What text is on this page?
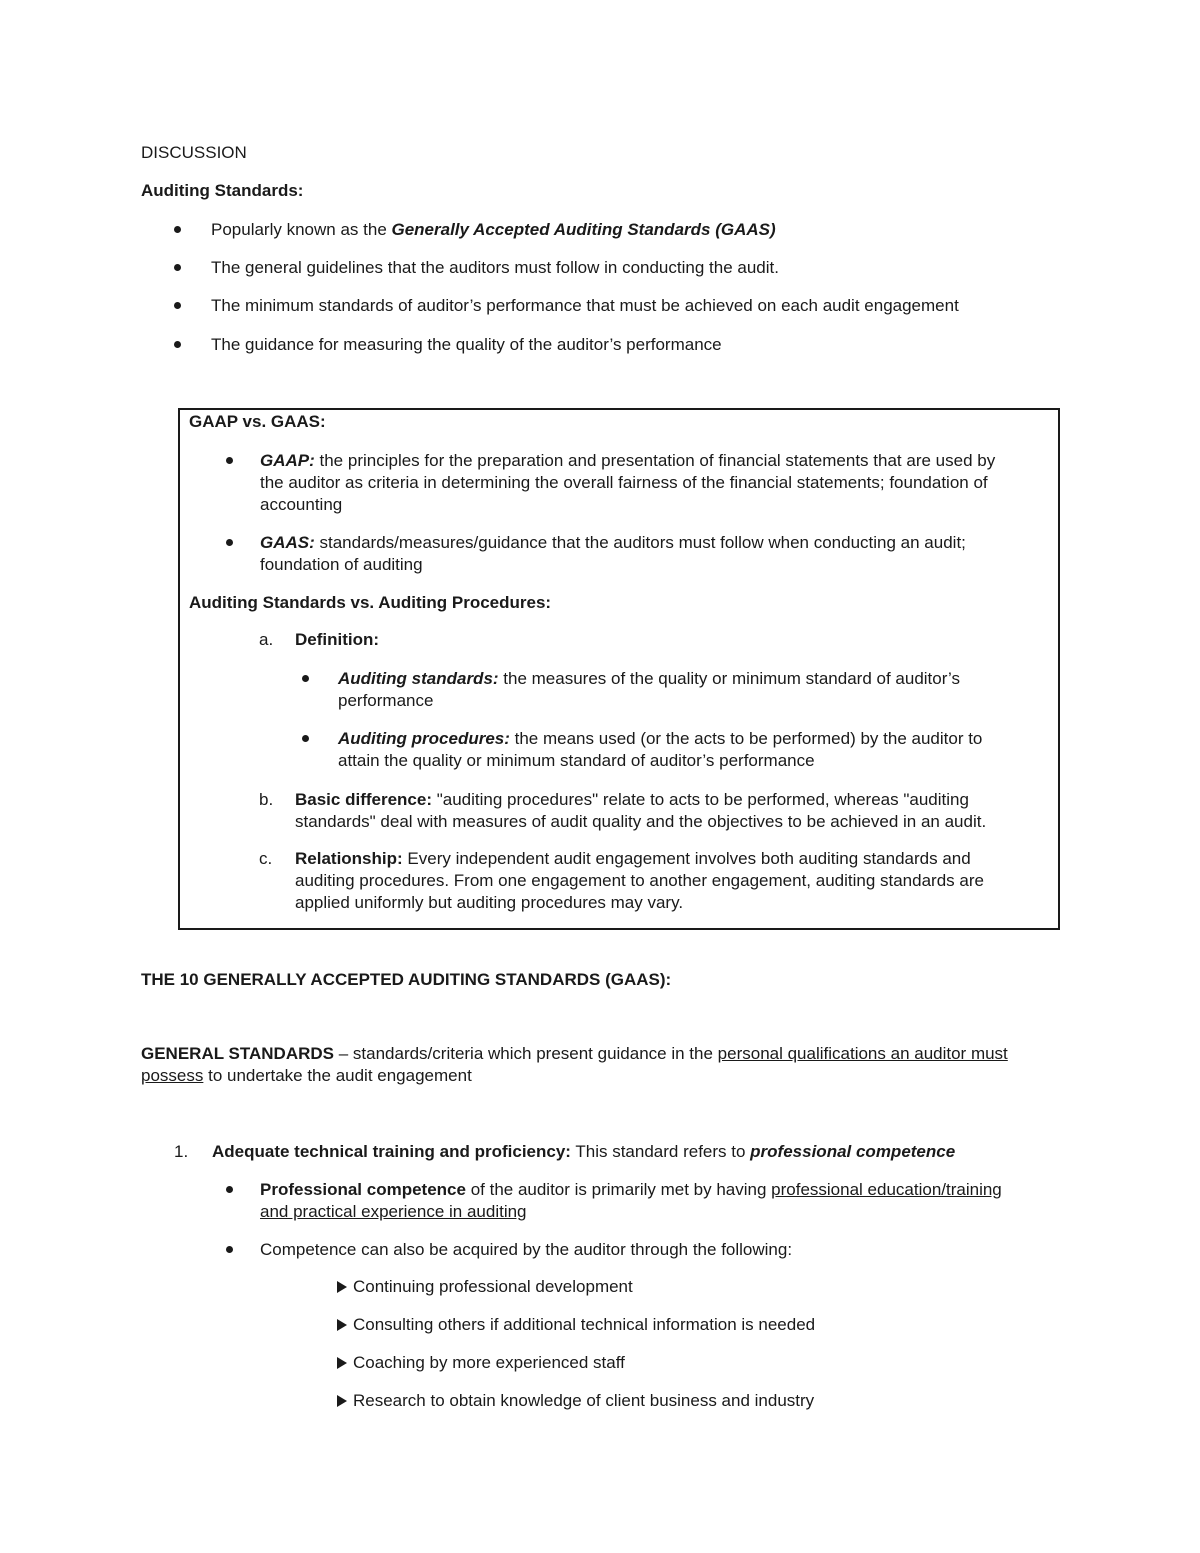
DISCUSSION
Auditing Standards:
Popularly known as the Generally Accepted Auditing Standards (GAAS)
The general guidelines that the auditors must follow in conducting the audit.
The minimum standards of auditor’s performance that must be achieved on each audit engagement
The guidance for measuring the quality of the auditor’s performance
GAAP vs. GAAS:
GAAP: the principles for the preparation and presentation of financial statements that are used by
the auditor as criteria in determining the overall fairness of the financial statements; foundation of
accounting
GAAS: standards/measures/guidance that the auditors must follow when conducting an audit;
foundation of auditing
Auditing Standards vs. Auditing Procedures:
a. Definition:
Auditing standards: the measures of the quality or minimum standard of auditor’s
performance
Auditing procedures: the means used (or the acts to be performed) by the auditor to
attain the quality or minimum standard of auditor’s performance
b. Basic difference: "auditing procedures" relate to acts to be performed, whereas "auditing
standards" deal with measures of audit quality and the objectives to be achieved in an audit.
c. Relationship: Every independent audit engagement involves both auditing standards and
auditing procedures. From one engagement to another engagement, auditing standards are
applied uniformly but auditing procedures may vary.
THE 10 GENERALLY ACCEPTED AUDITING STANDARDS (GAAS):
GENERAL STANDARDS – standards/criteria which present guidance in the personal qualifications an auditor must
possess to undertake the audit engagement
1. Adequate technical training and proficiency: This standard refers to professional competence
Professional competence of the auditor is primarily met by having professional education/training
and practical experience in auditing
Competence can also be acquired by the auditor through the following:
Continuing professional development
Consulting others if additional technical information is needed
Coaching by more experienced staff
Research to obtain knowledge of client business and industry
